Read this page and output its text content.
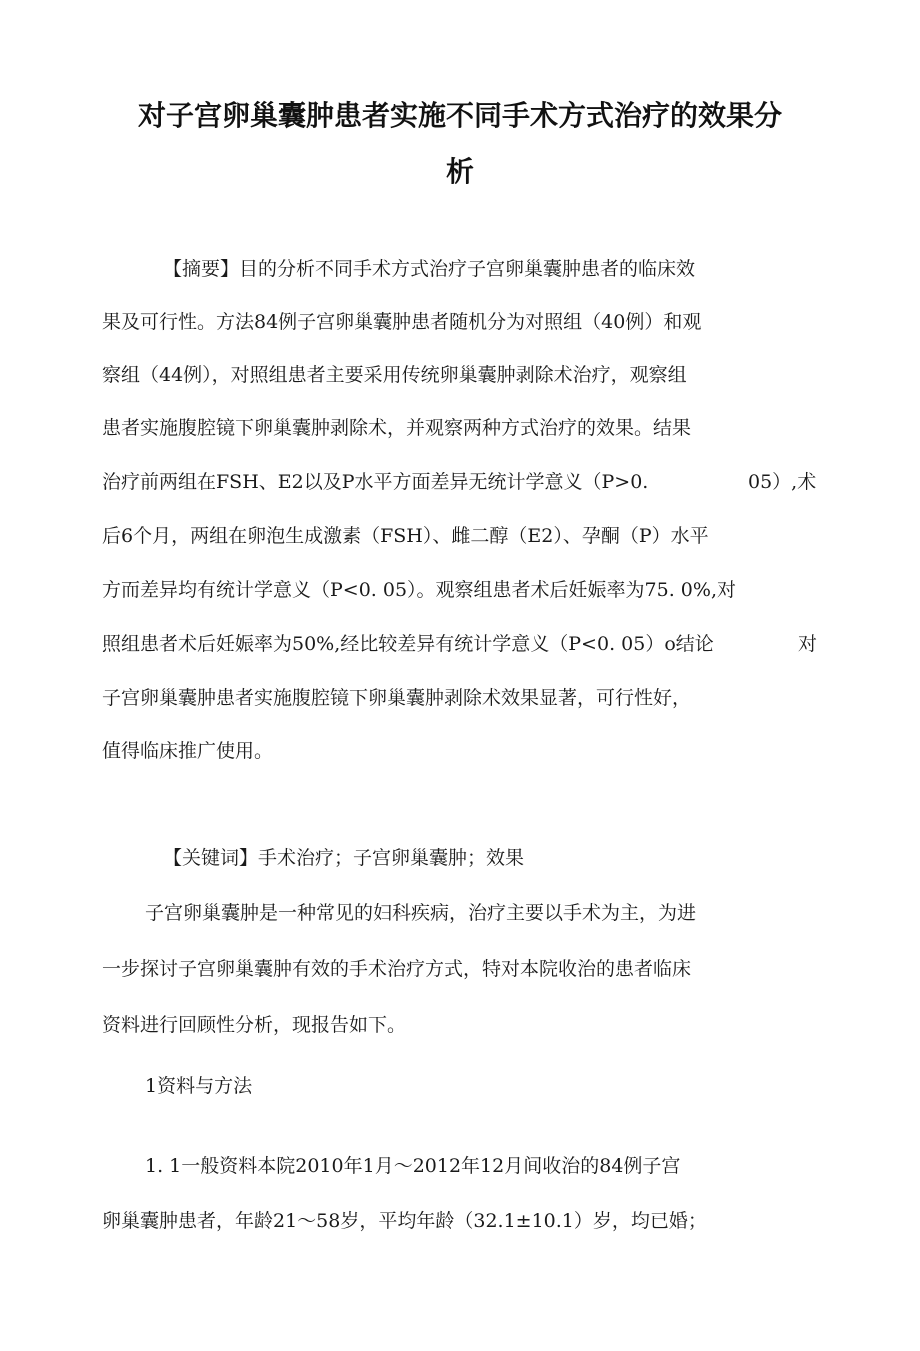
对子宫卵巢囊肿患者实施不同手术方式治疗的效果分
析

【摘要】目的分析不同手术方式治疗子宫卵巢囊肿患者的临床效

果及可行性。方法84例子宫卵巢囊肿患者随机分为对照组（40例）和观

察组（44例），对照组患者主要采用传统卵巢囊肿剥除术治疗，观察组

患者实施腹腔镜下卵巢囊肿剥除术，并观察两种方式治疗的效果。结果

治疗前两组在FSH、E2以及P水平方面差异无统计学意义（P>0.	05）,术

后6个月，两组在卵泡生成激素（FSH）、雌二醇（E2）、孕酮（P）水平

方而差异均有统计学意义（P<0. 05）。观察组患者术后妊娠率为75. 0%,对

照组患者术后妊娠率为50%,经比较差异有统计学意义（P<0. 05）o结论	对

子宫卵巢囊肿患者实施腹腔镜下卵巢囊肿剥除术效果显著，可行性好，

值得临床推广使用。

【关键词】手术治疗；子宫卵巢囊肿；效果

子宫卵巢囊肿是一种常见的妇科疾病，治疗主要以手术为主，为进

一步探讨子宫卵巢囊肿有效的手术治疗方式，特对本院收治的患者临床

资料进行回顾性分析，现报告如下。

1资料与方法

1. 1一般资料本院2010年1月～2012年12月间收治的84例子宫

卵巢囊肿患者，年龄21～58岁，平均年龄（32.1±10.1）岁，均已婚；
